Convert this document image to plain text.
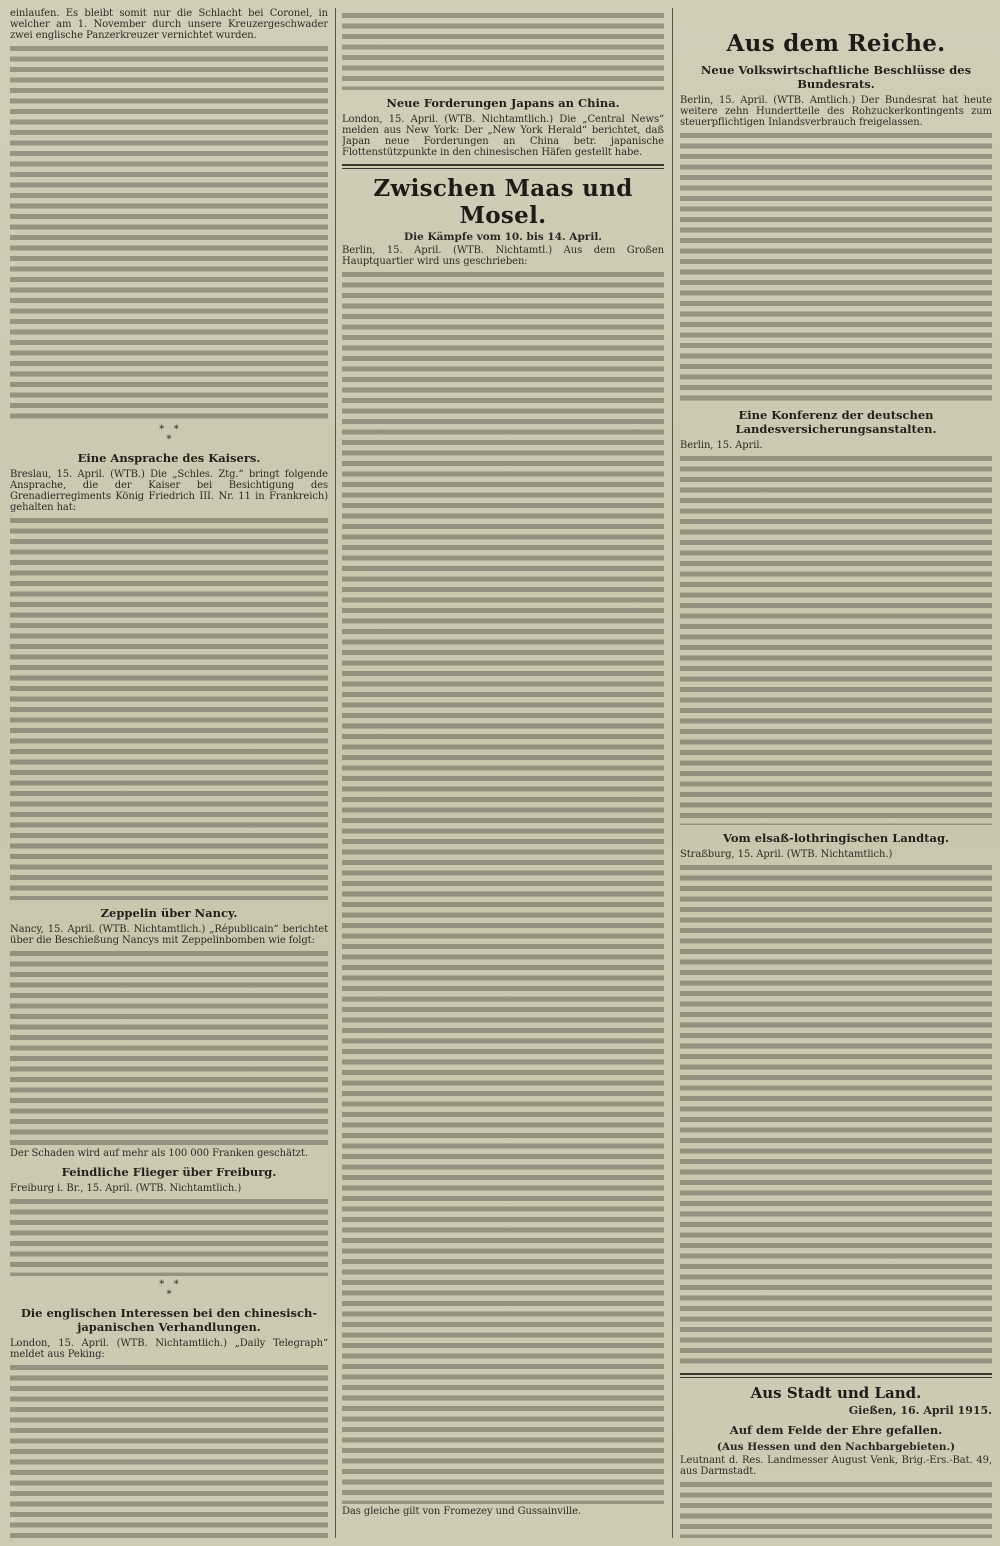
einlaufen. Es bleibt somit nur die Schlacht bei Coronel, in welcher am 1. November durch unsere Kreuzergeschwader zwei englische Panzerkreuzer vernichtet wurden.
*   *
*
Eine Ansprache des Kaisers.
Breslau, 15. April. (WTB.) Die „Schles. Ztg.“ bringt folgende Ansprache, die der Kaiser bei Besichtigung des Grenadierregiments König Friedrich III. Nr. 11 in Frankreich) gehalten hat:
Zeppelin über Nancy.
Nancy, 15. April. (WTB. Nichtamtlich.) „Républicain“ berichtet über die Beschießung Nancys mit Zeppelinbomben wie folgt:
Der Schaden wird auf mehr als 100 000 Franken geschätzt.
Feindliche Flieger über Freiburg.
Freiburg i. Br., 15. April. (WTB. Nichtamtlich.)
*   *
*
Die englischen Interessen bei den chinesisch-japanischen Verhandlungen.
London, 15. April. (WTB. Nichtamtlich.) „Daily Telegraph“ meldet aus Peking:
Neue Forderungen Japans an China.
London, 15. April. (WTB. Nichtamtlich.) Die „Central News“ melden aus New York: Der „New York Herald“ berichtet, daß Japan neue Forderungen an China betr. japanische Flottenstützpunkte in den chinesischen Häfen gestellt habe.
Zwischen Maas und Mosel.
Die Kämpfe vom 10. bis 14. April.
Berlin, 15. April. (WTB. Nichtamtl.) Aus dem Großen Hauptquartier wird uns geschrieben:
Das gleiche gilt von Fromezey und Gussainville.
Aus dem Reiche.
Neue Volkswirtschaftliche Beschlüsse des Bundesrats.
Berlin, 15. April. (WTB. Amtlich.) Der Bundesrat hat heute weitere zehn Hundertteile des Rohzuckerkontingents zum steuerpflichtigen Inlandsverbrauch freigelassen.
Eine Konferenz der deutschen Landesversicherungsanstalten.
Berlin, 15. April.
Vom elsaß-lothringischen Landtag.
Straßburg, 15. April. (WTB. Nichtamtlich.)
Aus Stadt und Land.
Gießen, 16. April 1915.
Auf dem Felde der Ehre gefallen.
(Aus Hessen und den Nachbargebieten.)
Leutnant d. Res. Landmesser August Venk, Brig.-Ers.-Bat. 49, aus Darmstadt.
